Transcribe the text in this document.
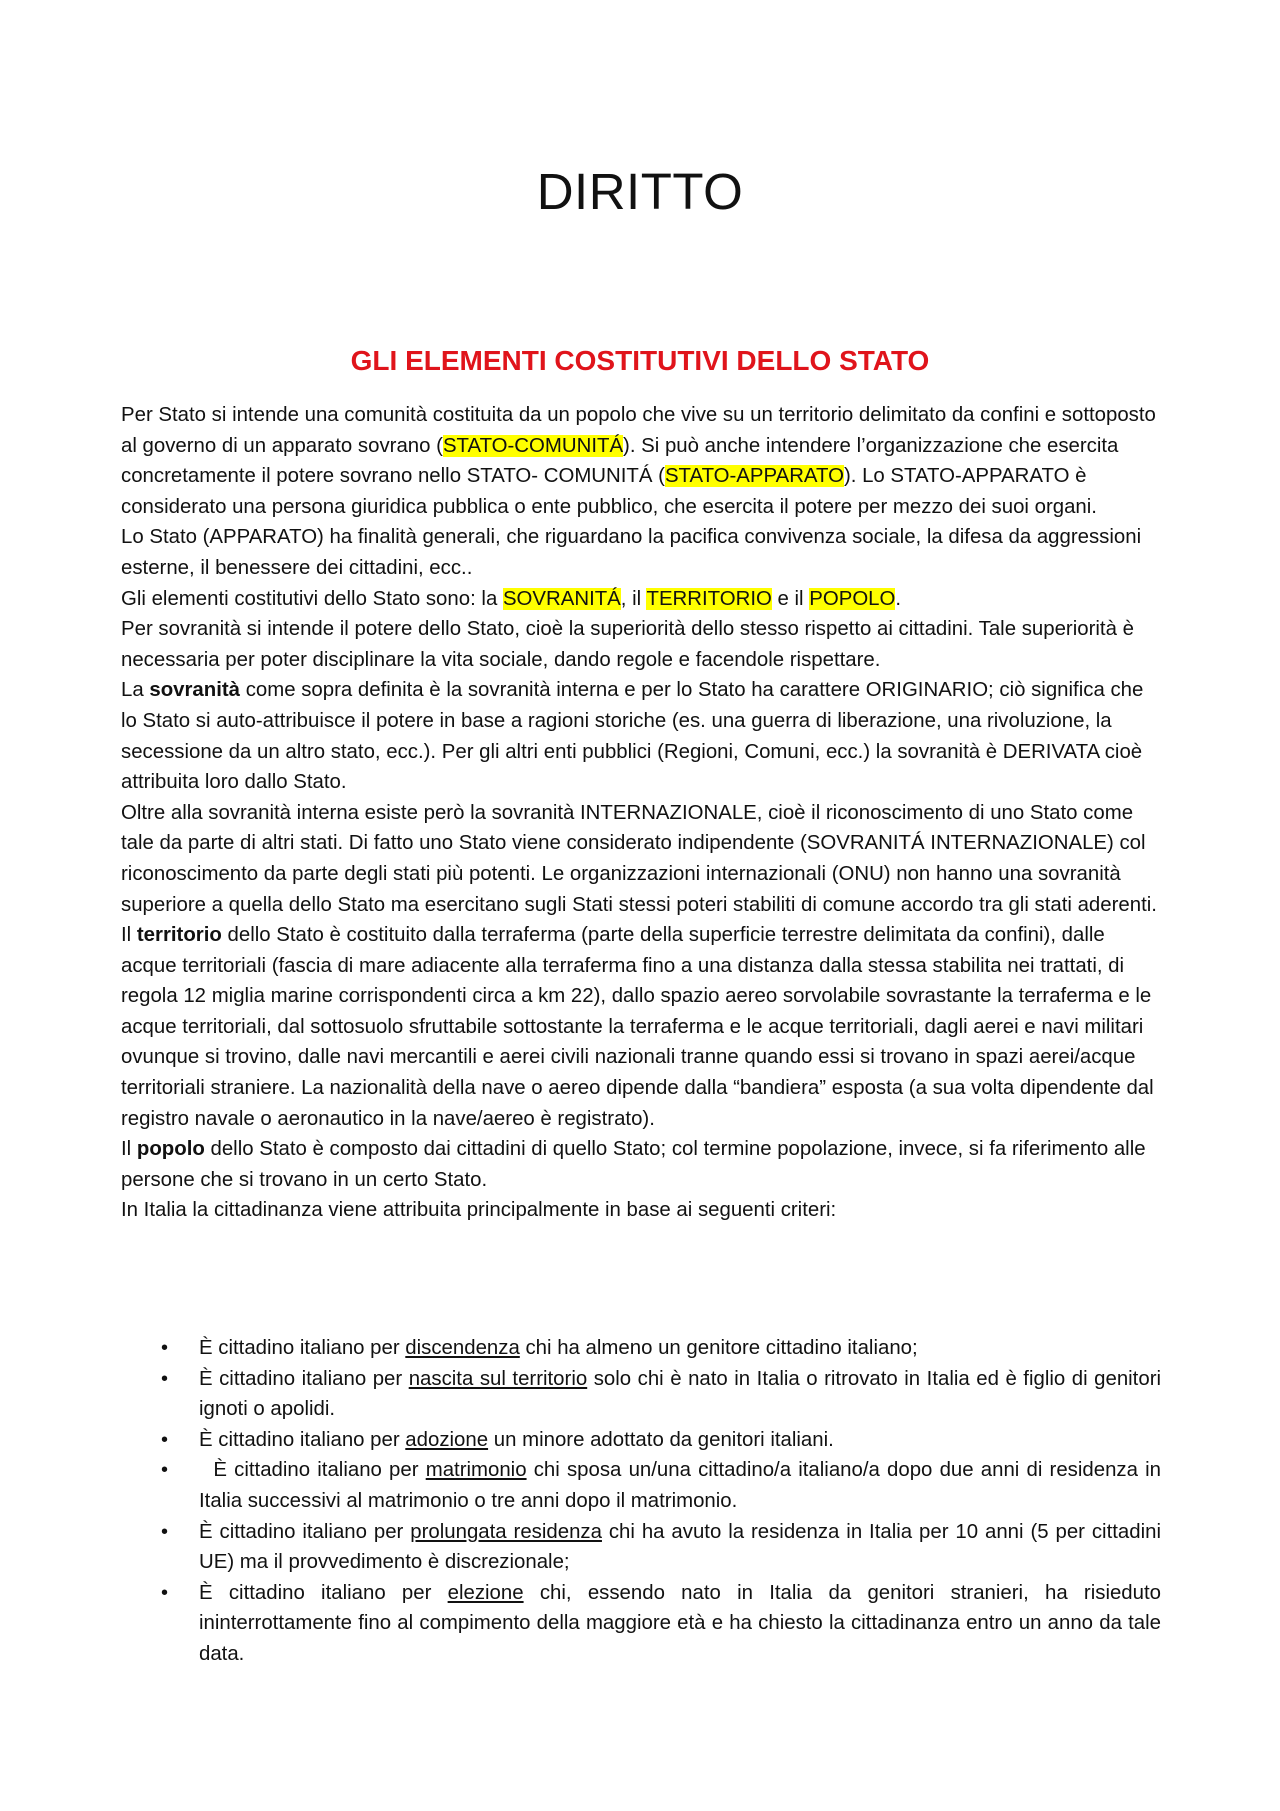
DIRITTO
GLI ELEMENTI COSTITUTIVI DELLO STATO

Per Stato si intende una comunità costituita da un popolo che vive su un territorio delimitato da confini e sottoposto al governo di un apparato sovrano (STATO-COMUNITÁ). Si può anche intendere l’organizzazione che esercita concretamente il potere sovrano nello STATO- COMUNITÁ (STATO-APPARATO). Lo STATO-APPARATO è considerato una persona giuridica pubblica o ente pubblico, che esercita il potere per mezzo dei suoi organi.

Lo Stato (APPARATO) ha finalità generali, che riguardano la pacifica convivenza sociale, la difesa da aggressioni esterne, il benessere dei cittadini, ecc..

Gli elementi costitutivi dello Stato sono: la SOVRANITÁ, il TERRITORIO e il POPOLO.

Per sovranità si intende il potere dello Stato, cioè la superiorità dello stesso rispetto ai cittadini. Tale superiorità è necessaria per poter disciplinare la vita sociale, dando regole e facendole rispettare.

La sovranità come sopra definita è la sovranità interna e per lo Stato ha carattere ORIGINARIO; ciò significa che lo Stato si auto-attribuisce il potere in base a ragioni storiche (es. una guerra di liberazione, una rivoluzione, la secessione da un altro stato, ecc.). Per gli altri enti pubblici (Regioni, Comuni, ecc.) la sovranità è DERIVATA cioè attribuita loro dallo Stato.

Oltre alla sovranità interna esiste però la sovranità INTERNAZIONALE, cioè il riconoscimento di uno Stato come tale da parte di altri stati. Di fatto uno Stato viene considerato indipendente (SOVRANITÁ INTERNAZIONALE) col riconoscimento da parte degli stati più potenti. Le organizzazioni internazionali (ONU) non hanno una sovranità superiore a quella dello Stato ma esercitano sugli Stati stessi poteri stabiliti di comune accordo tra gli stati aderenti.

Il territorio dello Stato è costituito dalla terraferma (parte della superficie terrestre delimitata da confini), dalle acque territoriali (fascia di mare adiacente alla terraferma fino a una distanza dalla stessa stabilita nei trattati, di regola 12 miglia marine corrispondenti circa a km 22), dallo spazio aereo sorvolabile sovrastante la terraferma e le acque territoriali, dal sottosuolo sfruttabile sottostante la terraferma e le acque territoriali, dagli aerei e navi militari ovunque si trovino, dalle navi mercantili e aerei civili nazionali tranne quando essi si trovano in spazi aerei/acque territoriali straniere. La nazionalità della nave o aereo dipende dalla “bandiera” esposta (a sua volta dipendente dal registro navale o aeronautico in la nave/aereo è registrato).

Il popolo dello Stato è composto dai cittadini di quello Stato; col termine popolazione, invece, si fa riferimento alle persone che si trovano in un certo Stato.

In Italia la cittadinanza viene attribuita principalmente in base ai seguenti criteri:

• È cittadino italiano per discendenza chi ha almeno un genitore cittadino italiano;
• È cittadino italiano per nascita sul territorio solo chi è nato in Italia o ritrovato in Italia ed è figlio di genitori ignoti o apolidi.
• È cittadino italiano per adozione un minore adottato da genitori italiani.
• È cittadino italiano per matrimonio chi sposa un/una cittadino/a italiano/a dopo due anni di residenza in Italia successivi al matrimonio o tre anni dopo il matrimonio.
• È cittadino italiano per prolungata residenza chi ha avuto la residenza in Italia per 10 anni (5 per cittadini UE) ma il provvedimento è discrezionale;
• È cittadino italiano per elezione chi, essendo nato in Italia da genitori stranieri, ha risieduto ininterrottamente fino al compimento della maggiore età e ha chiesto la cittadinanza entro un anno da tale data.
